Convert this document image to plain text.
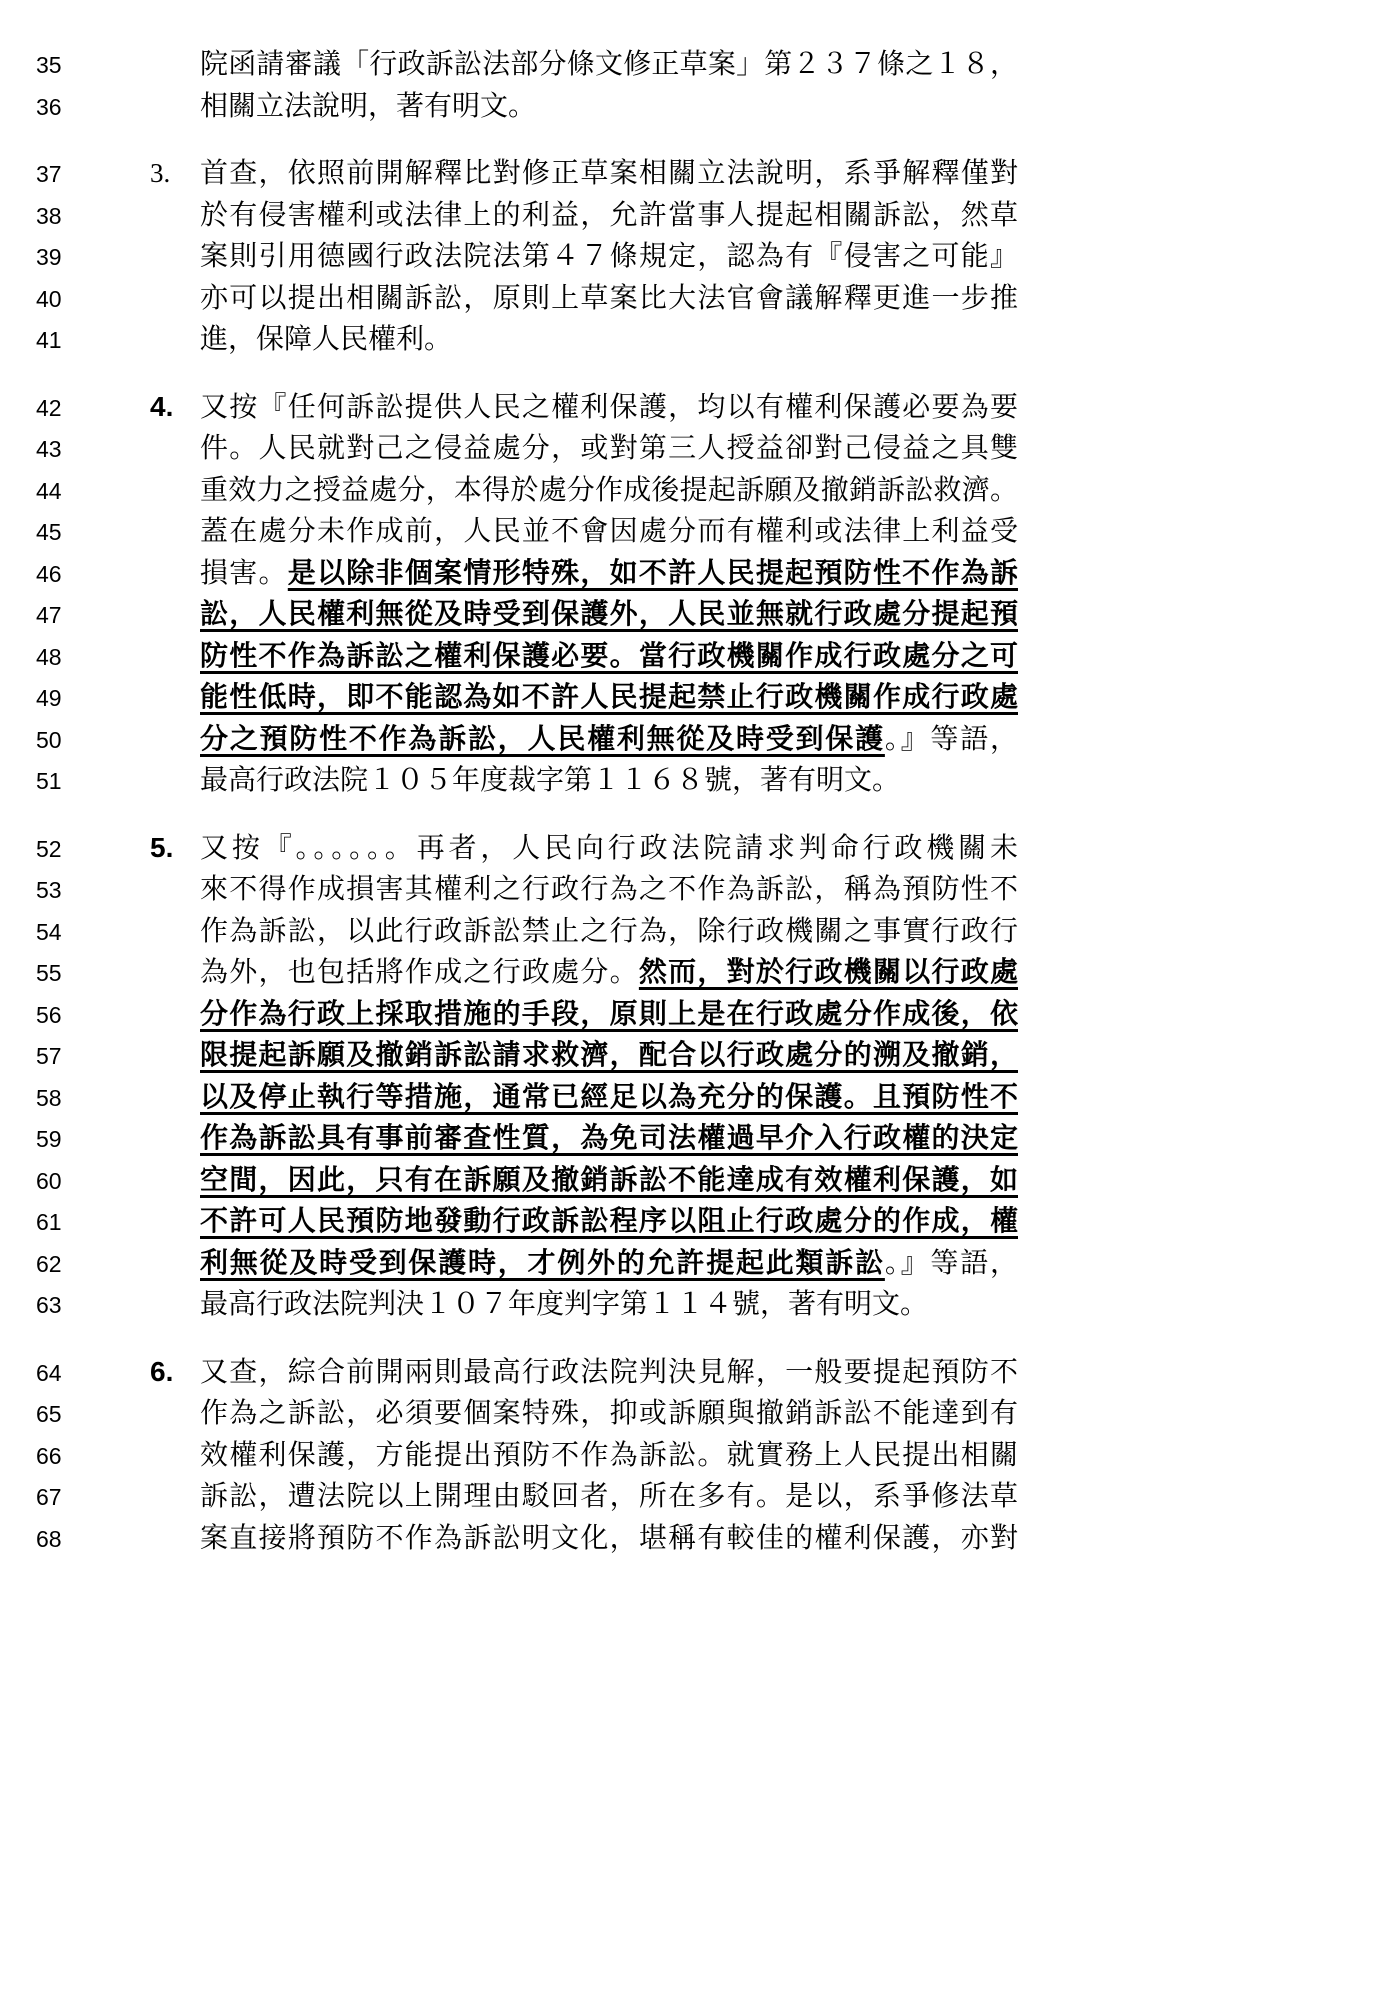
35	院函請審議「行政訴訟法部分條文修正草案」第２３７條之１８，
36	相關立法說明，著有明文。
37	3.	首查，依照前開解釋比對修正草案相關立法說明，系爭解釋僅對
38	於有侵害權利或法律上的利益，允許當事人提起相關訴訟，然草
39	案則引用德國行政法院法第４７條規定，認為有『侵害之可能』
40	亦可以提出相關訴訟，原則上草案比大法官會議解釋更進一步推
41	進，保障人民權利。
42	4. 又按『任何訴訟提供人民之權利保護，均以有權利保護必要為要
43	件。人民就對己之侵益處分，或對第三人授益卻對己侵益之具雙
44	重效力之授益處分，本得於處分作成後提起訴願及撤銷訴訟救濟。
45	蓋在處分未作成前，人民並不會因處分而有權利或法律上利益受
46	損害。是以除非個案情形特殊，如不許人民提起預防性不作為訴
47	訟，人民權利無從及時受到保護外，人民並無就行政處分提起預
48	防性不作為訴訟之權利保護必要。當行政機關作成行政處分之可
49	能性低時，即不能認為如不許人民提起禁止行政機關作成行政處
50	分之預防性不作為訴訟，人民權利無從及時受到保護。』等語，
51	最高行政法院１０５年度裁字第１１６８號，著有明文。
52	5. 又按『。。。。。。再者，人民向行政法院請求判命行政機關未
53	來不得作成損害其權利之行政行為之不作為訴訟，稱為預防性不
54	作為訴訟，以此行政訴訟禁止之行為，除行政機關之事實行政行
55	為外，也包括將作成之行政處分。然而，對於行政機關以行政處
56	分作為行政上採取措施的手段，原則上是在行政處分作成後，依
57	限提起訴願及撤銷訴訟請求救濟，配合以行政處分的溯及撤銷，
58	以及停止執行等措施，通常已經足以為充分的保護。且預防性不
59	作為訴訟具有事前審查性質，為免司法權過早介入行政權的決定
60	空間，因此，只有在訴願及撤銷訴訟不能達成有效權利保護，如
61	不許可人民預防地發動行政訴訟程序以阻止行政處分的作成，權
62	利無從及時受到保護時，才例外的允許提起此類訴訟。』等語，
63	最高行政法院判決１０７年度判字第１１４號，著有明文。
64	6. 又查，綜合前開兩則最高行政法院判決見解，一般要提起預防不
65	作為之訴訟，必須要個案特殊，抑或訴願與撤銷訴訟不能達到有
66	效權利保護，方能提出預防不作為訴訟。就實務上人民提出相關
67	訴訟，遭法院以上開理由駁回者，所在多有。是以，系爭修法草
68	案直接將預防不作為訴訟明文化，堪稱有較佳的權利保護，亦對
